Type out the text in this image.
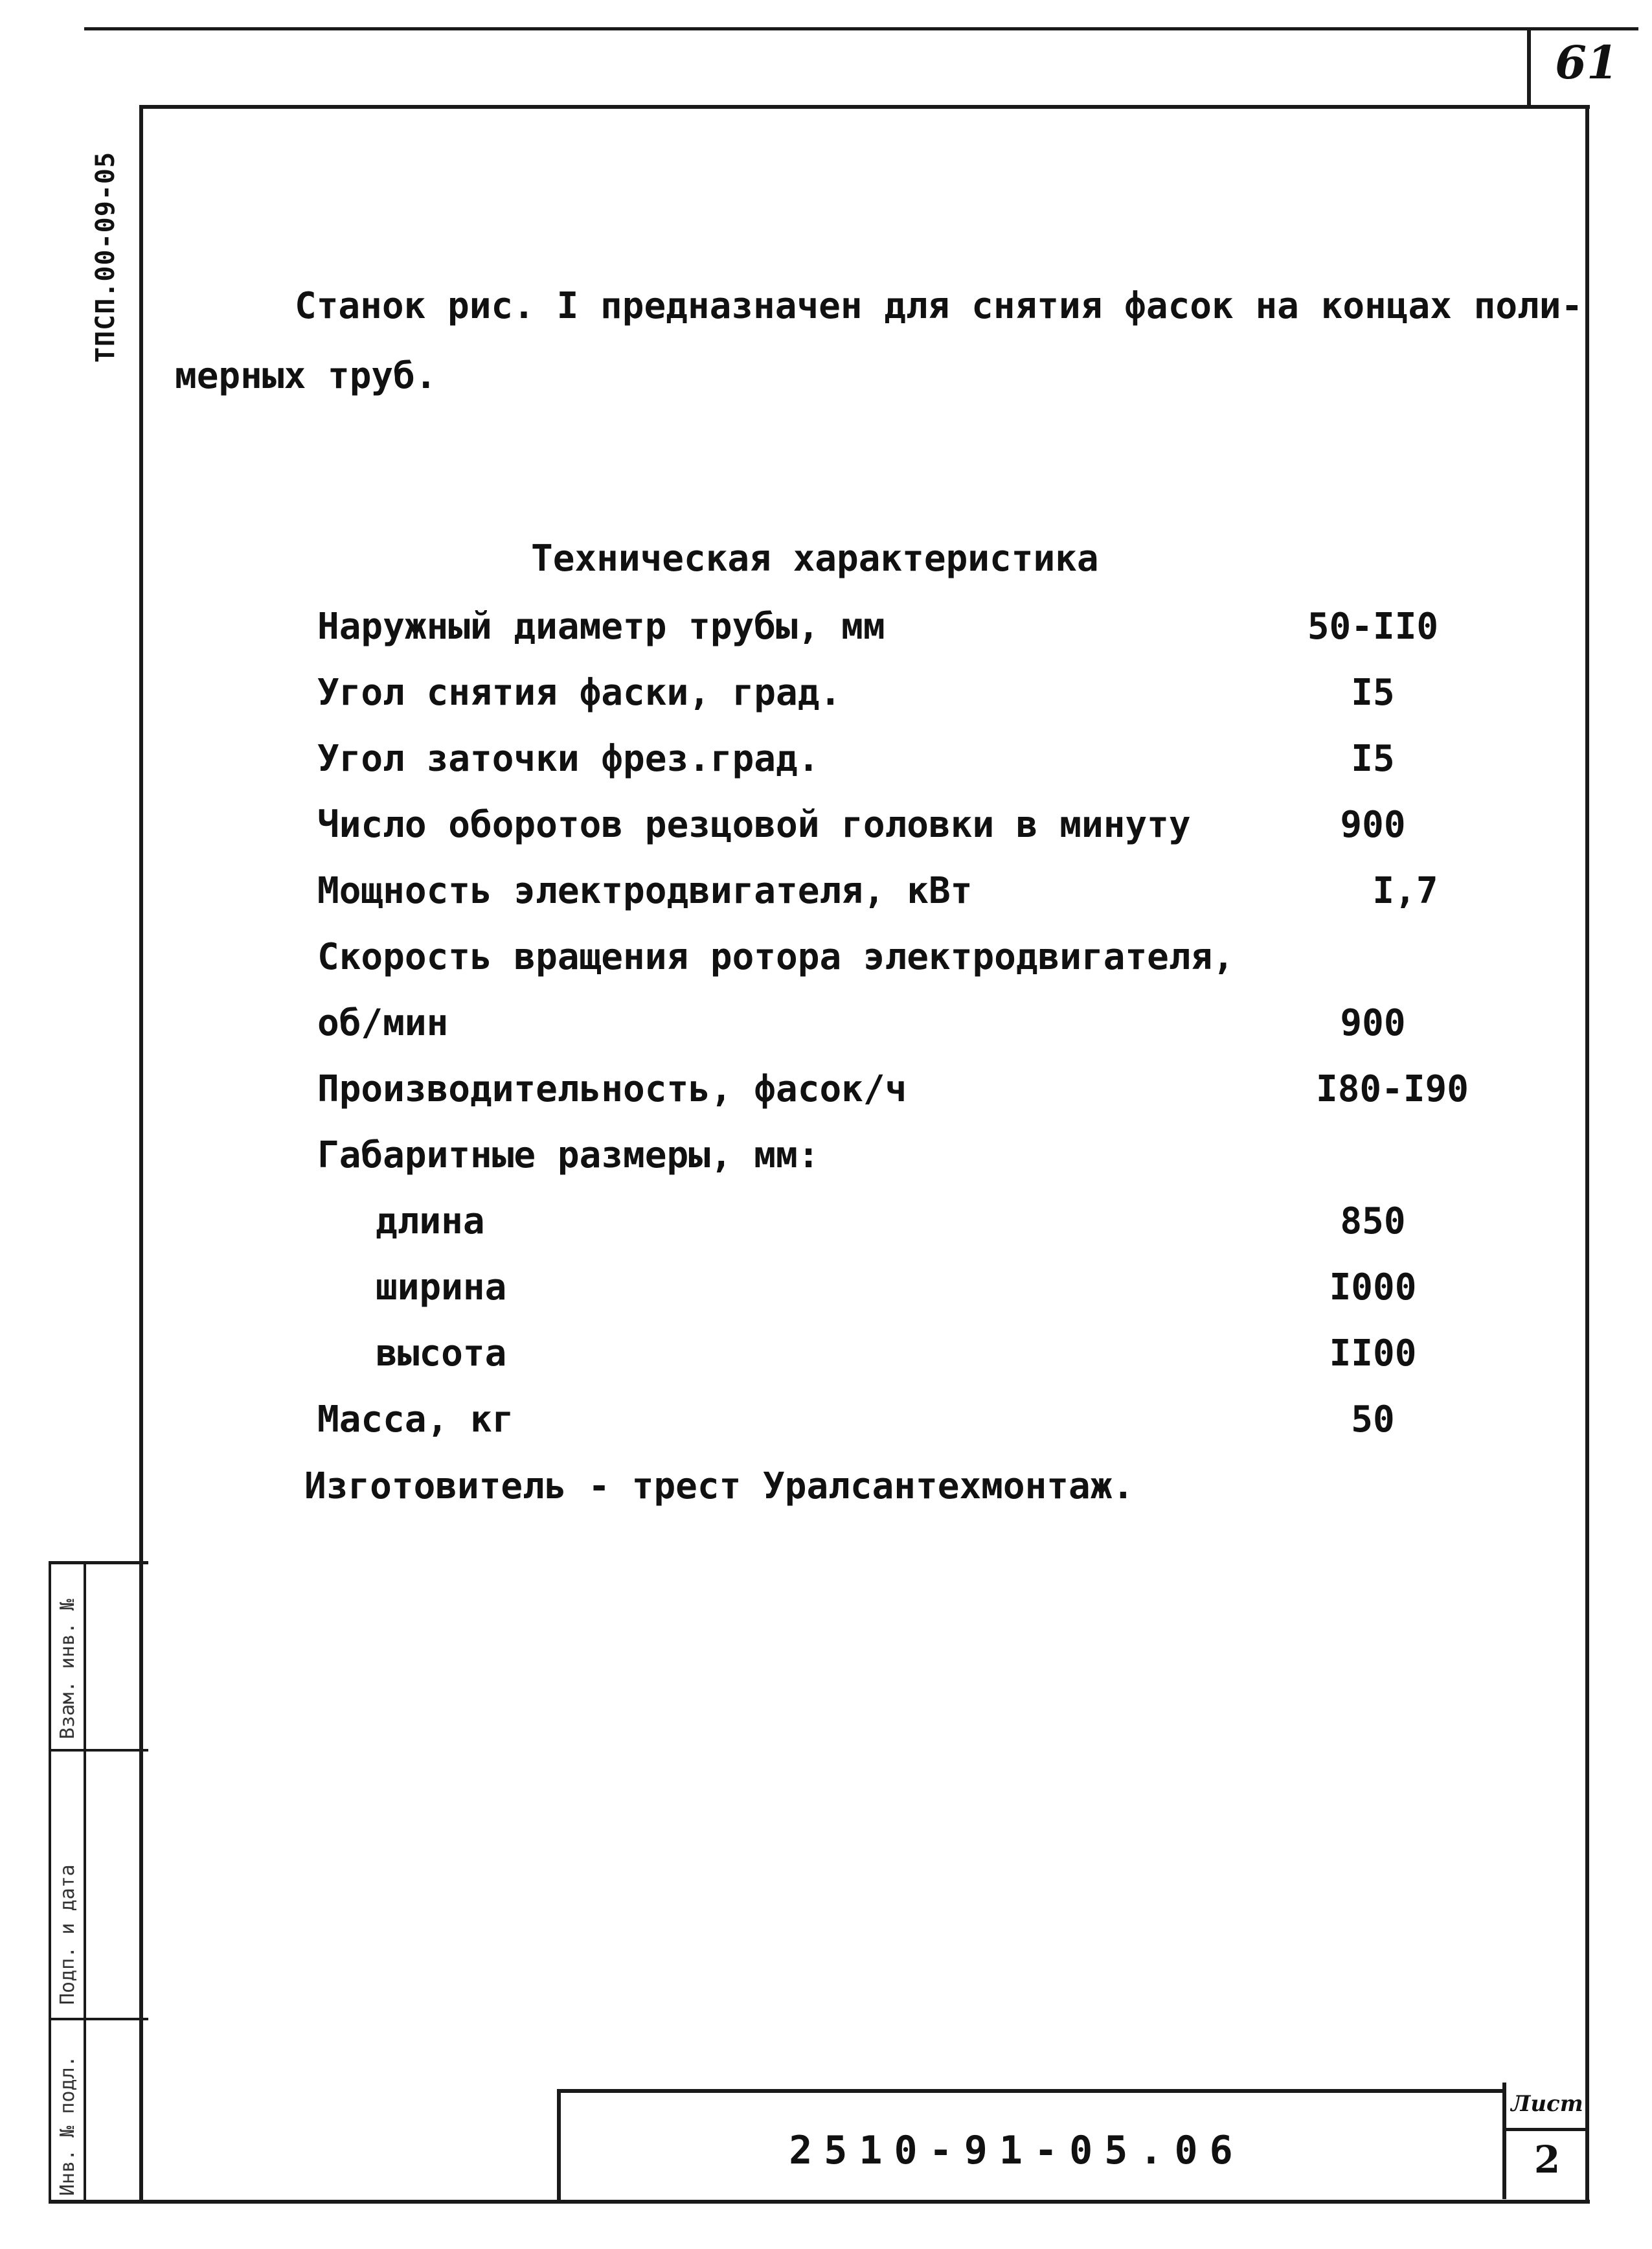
61
ТПСП.00-09-05	Станок рис. I предназначен для снятия фасок на концах поли-
мерных труб.
Техническая характеристика
Наружный диаметр трубы, мм	50-II0
Угол снятия фаски, град.	I5
Угол заточки фрез.град.	I5
Число оборотов резцовой головки в минуту	900
Мощность электродвигателя, кВт	I,7
Скорость вращения ротора электродвигателя,
об/мин	900
Производительность, фасок/ч	I80-I90
Габаритные размеры, мм:
длина	850
ширина	I000
высота	II00
Масса, кг	50
Изготовитель - трест Уралсантехмонтаж.
Взам. инв. №
Подп. и дата
Инв. № подл.	2510-91-05.06
Лист
2
